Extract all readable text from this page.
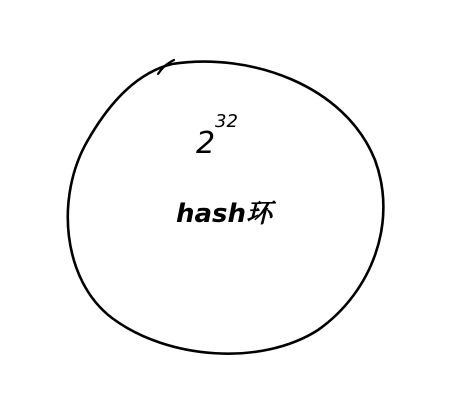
2
32
hash环
